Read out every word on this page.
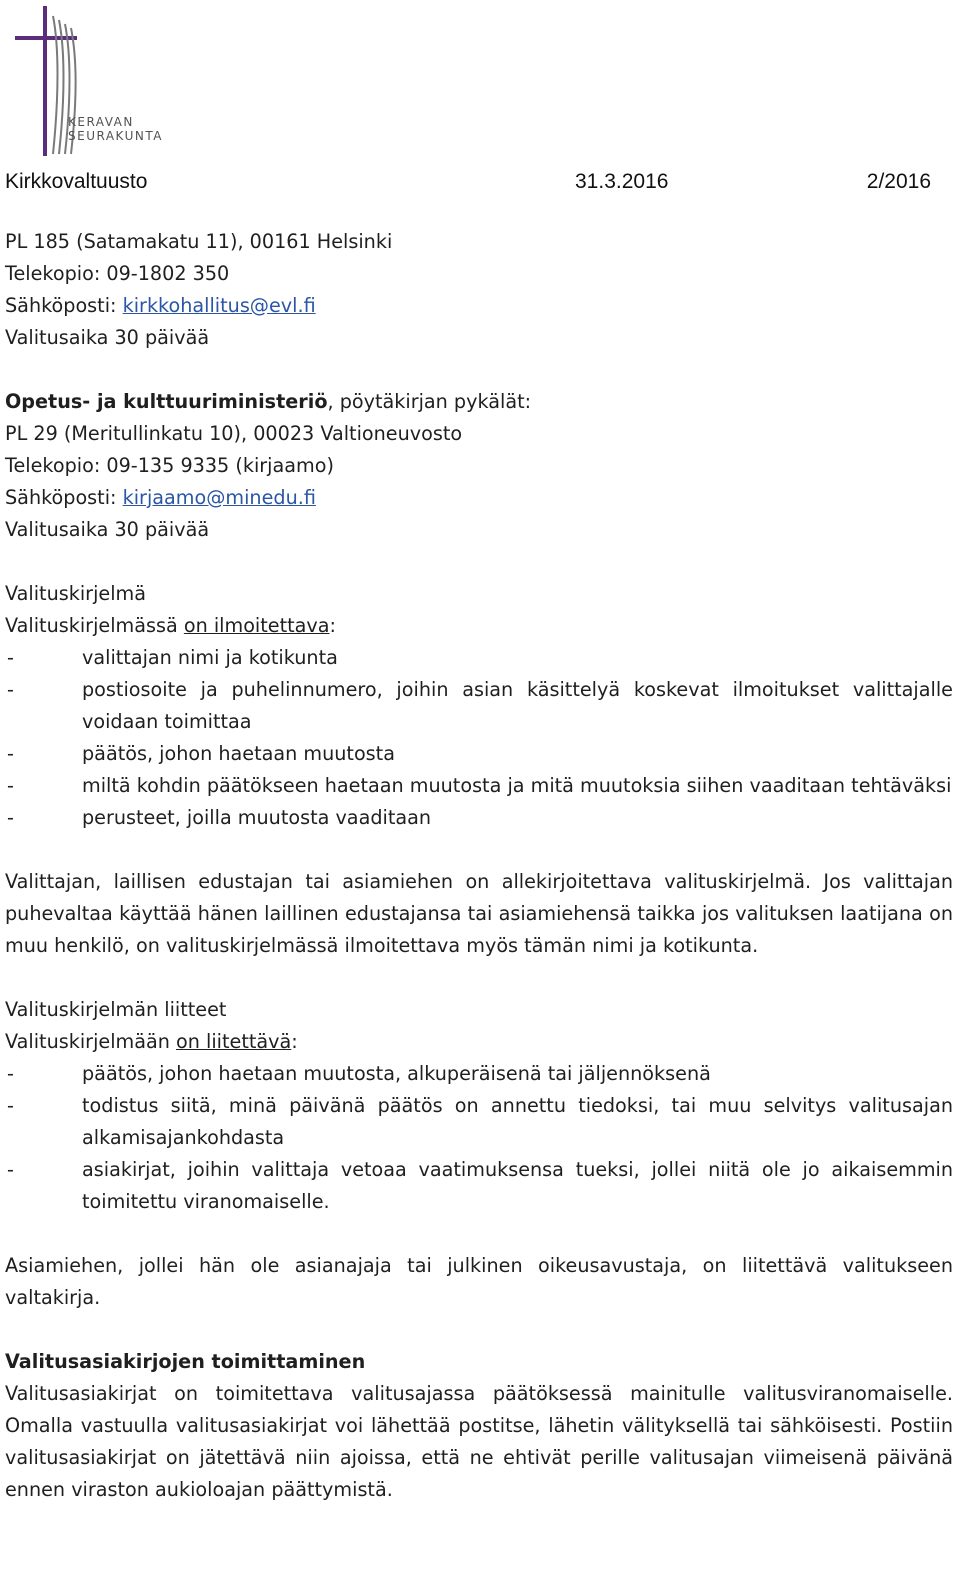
KERAVAN
SEURAKUNTA
Kirkkovaltuusto	31.3.2016	2/2016
PL 185 (Satamakatu 11), 00161 Helsinki
Telekopio: 09-1802 350
Sähköposti: kirkkohallitus@evl.fi
Valitusaika 30 päivää
Opetus- ja kulttuuriministeriö, pöytäkirjan pykälät:
PL 29 (Meritullinkatu 10), 00023 Valtioneuvosto
Telekopio: 09-135 9335 (kirjaamo)
Sähköposti: kirjaamo@minedu.fi
Valitusaika 30 päivää
Valituskirjelmä
Valituskirjelmässä on ilmoitettava:
- valittajan nimi ja kotikunta
- postiosoite ja puhelinnumero, joihin asian käsittelyä koskevat ilmoitukset valittajalle voidaan toimittaa
- päätös, johon haetaan muutosta
- miltä kohdin päätökseen haetaan muutosta ja mitä muutoksia siihen vaaditaan tehtäväksi
- perusteet, joilla muutosta vaaditaan
Valittajan, laillisen edustajan tai asiamiehen on allekirjoitettava valituskirjelmä. Jos valittajan puhevaltaa käyttää hänen laillinen edustajansa tai asiamiehensä taikka jos valituksen laatijana on muu henkilö, on valituskirjelmässä ilmoitettava myös tämän nimi ja kotikunta.
Valituskirjelmän liitteet
Valituskirjelmään on liitettävä:
- päätös, johon haetaan muutosta, alkuperäisenä tai jäljennöksenä
- todistus siitä, minä päivänä päätös on annettu tiedoksi, tai muu selvitys valitusajan alkamisajankohdasta
- asiakirjat, joihin valittaja vetoaa vaatimuksensa tueksi, jollei niitä ole jo aikaisemmin toimitettu viranomaiselle.
Asiamiehen, jollei hän ole asianajaja tai julkinen oikeusavustaja, on liitettävä valitukseen valtakirja.
Valitusasiakirjojen toimittaminen
Valitusasiakirjat on toimitettava valitusajassa päätöksessä mainitulle valitusviranomaiselle. Omalla vastuulla valitusasiakirjat voi lähettää postitse, lähetin välityksellä tai sähköisesti. Postiin valitusasiakirjat on jätettävä niin ajoissa, että ne ehtivät perille valitusajan viimeisenä päivänä ennen viraston aukioloajan päättymistä.
